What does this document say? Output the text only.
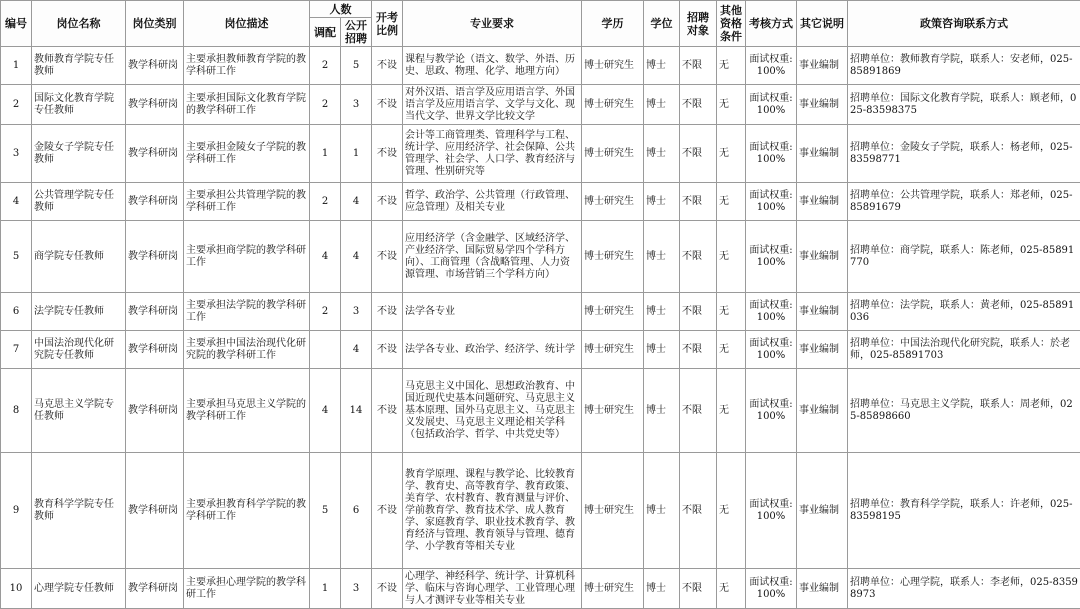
编号	岗位名称	岗位类别	岗位描述	人数		开考比例	专业要求	学历	学位	招聘对象	其他资格条件	考核方式	其它说明	政策咨询联系方式
				调配	公开招聘									
1	教师教育学院专任教师	教学科研岗	主要承担教师教育学院的教学科研工作	2	5	不设	课程与教学论（语文、数学、外语、历史、思政、物理、化学、地理方向）	博士研究生	博士	不限	无	面试权重:100%	事业编制	招聘单位：教师教育学院，联系人：安老师，025-85891869
2	国际文化教育学院专任教师	教学科研岗	主要承担国际文化教育学院的教学科研工作	2	3	不设	对外汉语、语言学及应用语言学、外国语言学及应用语言学、文学与文化、现当代文学、世界文学比较文学	博士研究生	博士	不限	无	面试权重:100%	事业编制	招聘单位：国际文化教育学院，联系人：顾老师，025-83598375
3	金陵女子学院专任教师	教学科研岗	主要承担金陵女子学院的教学科研工作	1	1	不设	会计等工商管理类、管理科学与工程、统计学、应用经济学、社会保障、公共管理学、社会学、人口学、教育经济与管理、性别研究等	博士研究生	博士	不限	无	面试权重:100%	事业编制	招聘单位：金陵女子学院，联系人：杨老师，025-83598771
4	公共管理学院专任教师	教学科研岗	主要承担公共管理学院的教学科研工作	2	4	不设	哲学、政治学、公共管理（行政管理、应急管理）及相关专业	博士研究生	博士	不限	无	面试权重:100%	事业编制	招聘单位：公共管理学院，联系人：郑老师，025-85891679
5	商学院专任教师	教学科研岗	主要承担商学院的教学科研工作	4	4	不设	应用经济学（含金融学、区域经济学、产业经济学、国际贸易学四个学科方向）、工商管理（含战略管理、人力资源管理、市场营销三个学科方向）	博士研究生	博士	不限	无	面试权重:100%	事业编制	招聘单位：商学院，联系人：陈老师，025-85891770
6	法学院专任教师	教学科研岗	主要承担法学院的教学科研工作	2	3	不设	法学各专业	博士研究生	博士	不限	无	面试权重:100%	事业编制	招聘单位：法学院，联系人：黄老师，025-85891036
7	中国法治现代化研究院专任教师	教学科研岗	主要承担中国法治现代化研究院的教学科研工作		4	不设	法学各专业、政治学、经济学、统计学	博士研究生	博士	不限	无	面试权重:100%	事业编制	招聘单位：中国法治现代化研究院，联系人：於老师，025-85891703
8	马克思主义学院专任教师	教学科研岗	主要承担马克思主义学院的教学科研工作	4	14	不设	马克思主义中国化、思想政治教育、中国近现代史基本问题研究、马克思主义基本原理、国外马克思主义、马克思主义发展史、马克思主义理论相关学科（包括政治学、哲学、中共党史等）	博士研究生	博士	不限	无	面试权重:100%	事业编制	招聘单位：马克思主义学院，联系人：周老师，025-85898660
9	教育科学学院专任教师	教学科研岗	主要承担教育科学学院的教学科研工作	5	6	不设	教育学原理、课程与教学论、比较教育学、教育史、高等教育学、教育政策、美育学、农村教育、教育测量与评价、学前教育学、教育技术学、成人教育学、家庭教育学、职业技术教育学、教育经济与管理、教育领导与管理、德育学、小学教育等相关专业	博士研究生	博士	不限	无	面试权重:100%	事业编制	招聘单位：教育科学学院，联系人：许老师，025-83598195
10	心理学院专任教师	教学科研岗	主要承担心理学院的教学科研工作	1	3	不设	心理学、神经科学、统计学、计算机科学、临床与咨询心理学、工业管理心理与人才测评专业等相关专业	博士研究生	博士	不限	无	面试权重:100%	事业编制	招聘单位：心理学院，联系人：李老师，025-83598973
